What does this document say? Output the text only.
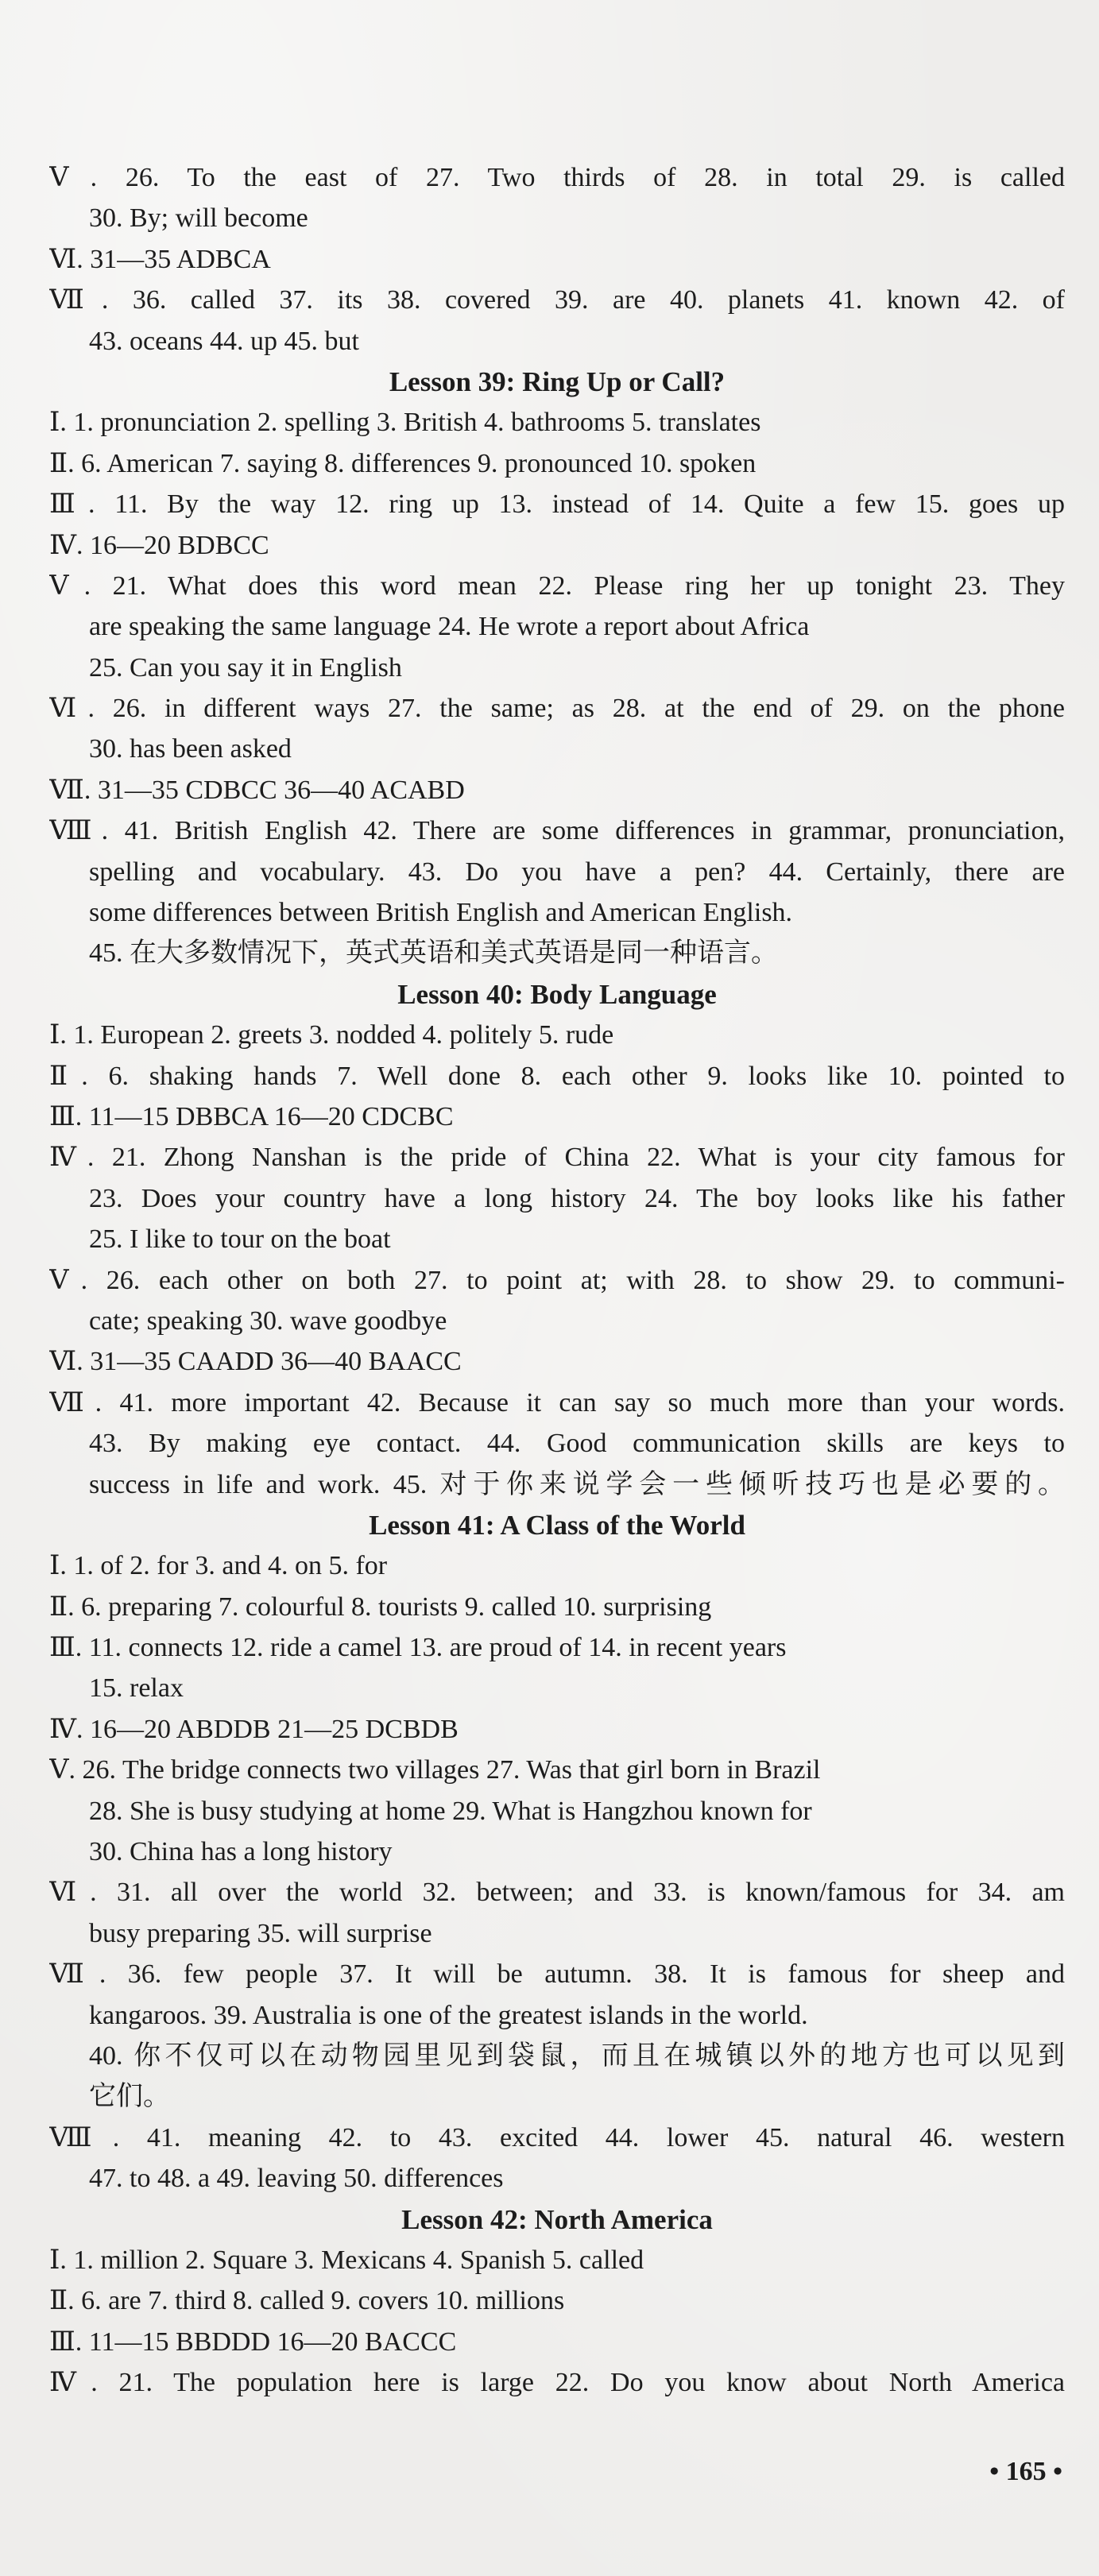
Ⅴ. 26. To the east of 27. Two thirds of 28. in total 29. is called
30. By; will become
Ⅵ. 31—35 ADBCA
Ⅶ. 36. called 37. its 38. covered 39. are 40. planets 41. known 42. of
43. oceans 44. up 45. but
Lesson 39: Ring Up or Call?
Ⅰ. 1. pronunciation 2. spelling 3. British 4. bathrooms 5. translates
Ⅱ. 6. American 7. saying 8. differences 9. pronounced 10. spoken
Ⅲ. 11. By the way 12. ring up 13. instead of 14. Quite a few 15. goes up
Ⅳ. 16—20 BDBCC
Ⅴ. 21. What does this word mean 22. Please ring her up tonight 23. They
are speaking the same language 24. He wrote a report about Africa
25. Can you say it in English
Ⅵ. 26. in different ways 27. the same; as 28. at the end of 29. on the phone
30. has been asked
Ⅶ. 31—35 CDBCC 36—40 ACABD
Ⅷ. 41. British English 42. There are some differences in grammar, pronunciation,
spelling and vocabulary. 43. Do you have a pen? 44. Certainly, there are
some differences between British English and American English.
45. 在大多数情况下，英式英语和美式英语是同一种语言。
Lesson 40: Body Language
Ⅰ. 1. European 2. greets 3. nodded 4. politely 5. rude
Ⅱ. 6. shaking hands 7. Well done 8. each other 9. looks like 10. pointed to
Ⅲ. 11—15 DBBCA 16—20 CDCBC
Ⅳ. 21. Zhong Nanshan is the pride of China 22. What is your city famous for
23. Does your country have a long history 24. The boy looks like his father
25. I like to tour on the boat
Ⅴ. 26. each other on both 27. to point at; with 28. to show 29. to communi-
cate; speaking 30. wave goodbye
Ⅵ. 31—35 CAADD 36—40 BAACC
Ⅶ. 41. more important 42. Because it can say so much more than your words.
43. By making eye contact. 44. Good communication skills are keys to
success in life and work. 45. 对于你来说学会一些倾听技巧也是必要的。
Lesson 41: A Class of the World
Ⅰ. 1. of 2. for 3. and 4. on 5. for
Ⅱ. 6. preparing 7. colourful 8. tourists 9. called 10. surprising
Ⅲ. 11. connects 12. ride a camel 13. are proud of 14. in recent years
15. relax
Ⅳ. 16—20 ABDDB 21—25 DCBDB
Ⅴ. 26. The bridge connects two villages 27. Was that girl born in Brazil
28. She is busy studying at home 29. What is Hangzhou known for
30. China has a long history
Ⅵ. 31. all over the world 32. between; and 33. is known/famous for 34. am
busy preparing 35. will surprise
Ⅶ. 36. few people 37. It will be autumn. 38. It is famous for sheep and
kangaroos. 39. Australia is one of the greatest islands in the world.
40. 你不仅可以在动物园里见到袋鼠，而且在城镇以外的地方也可以见到
它们。
Ⅷ. 41. meaning 42. to 43. excited 44. lower 45. natural 46. western
47. to 48. a 49. leaving 50. differences
Lesson 42: North America
Ⅰ. 1. million 2. Square 3. Mexicans 4. Spanish 5. called
Ⅱ. 6. are 7. third 8. called 9. covers 10. millions
Ⅲ. 11—15 BBDDD 16—20 BACCC
Ⅳ. 21. The population here is large 22. Do you know about North America
• 165 •
